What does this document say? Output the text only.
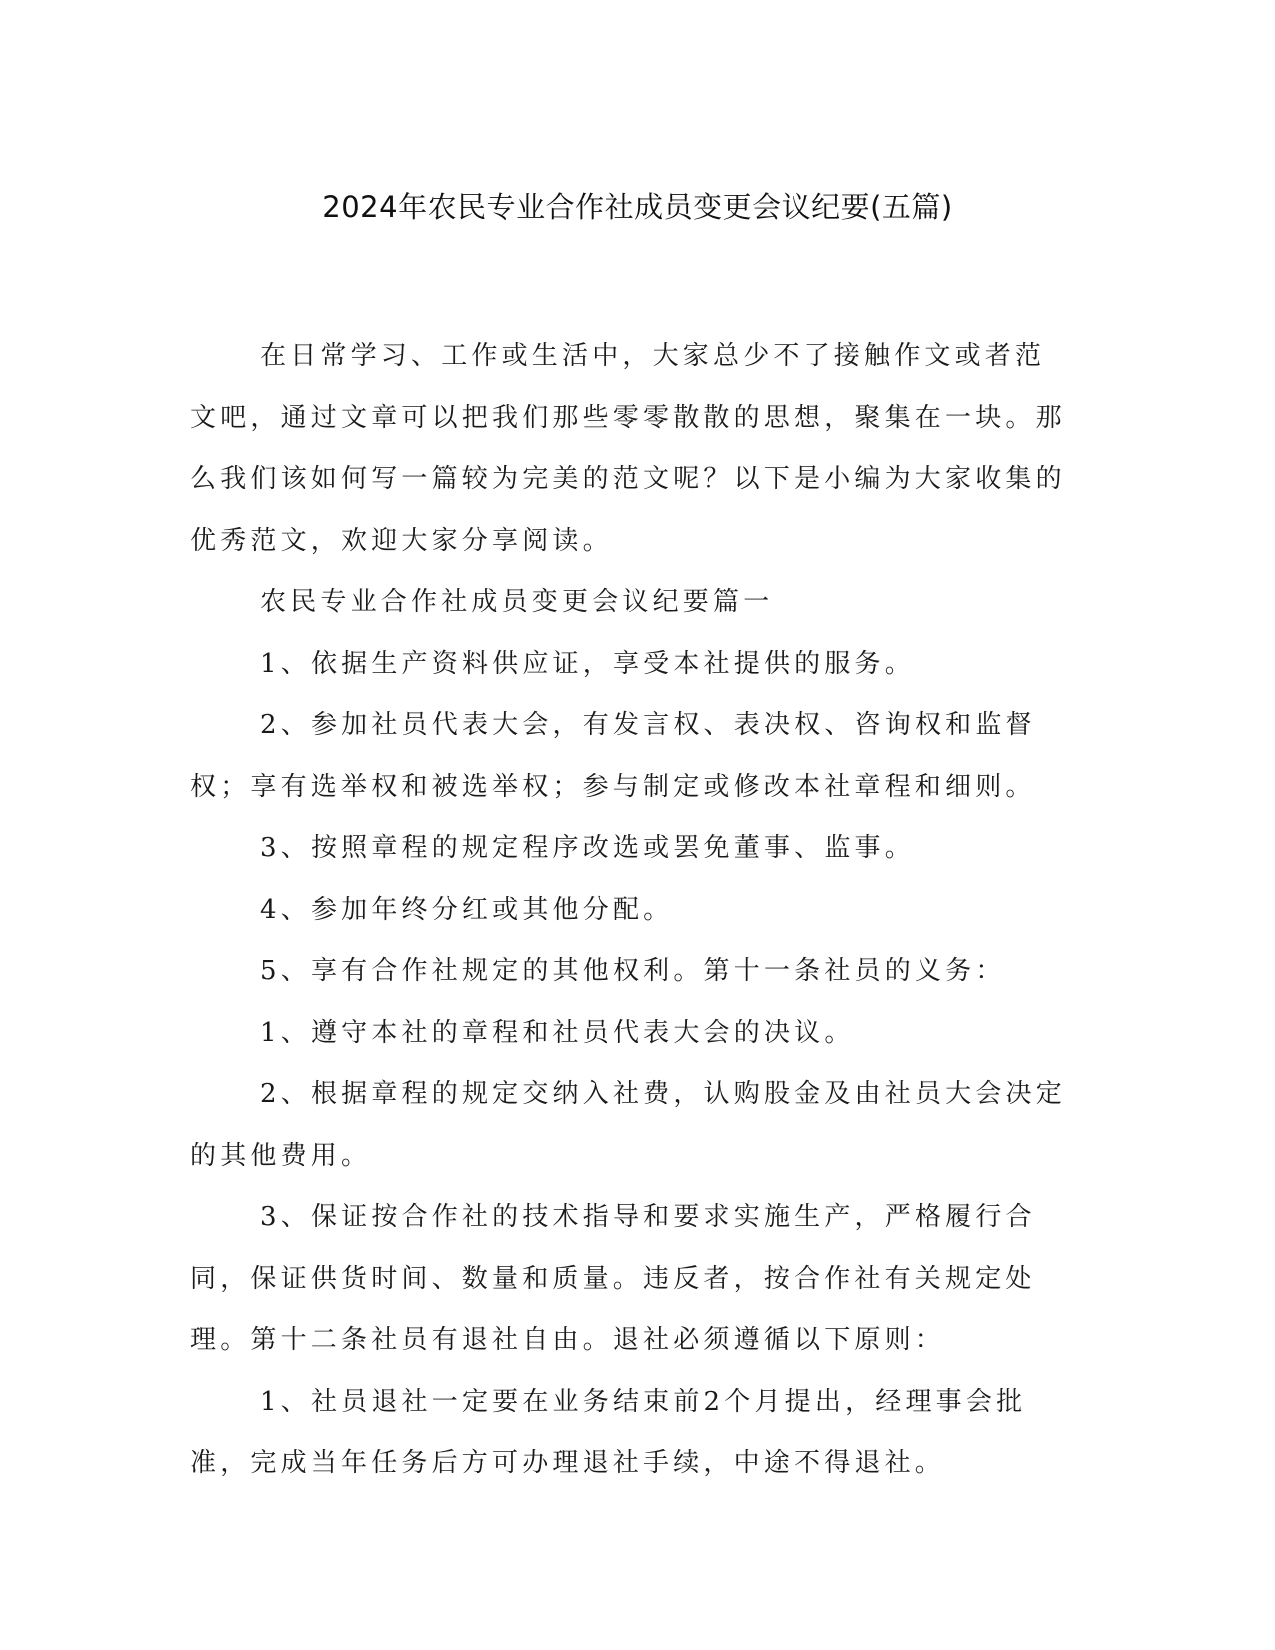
2024年农民专业合作社成员变更会议纪要(五篇)

在日常学习、工作或生活中，大家总少不了接触作文或者范文吧，通过文章可以把我们那些零零散散的思想，聚集在一块。那么我们该如何写一篇较为完美的范文呢？以下是小编为大家收集的优秀范文，欢迎大家分享阅读。

农民专业合作社成员变更会议纪要篇一

1、依据生产资料供应证，享受本社提供的服务。

2、参加社员代表大会，有发言权、表决权、咨询权和监督权；享有选举权和被选举权；参与制定或修改本社章程和细则。

3、按照章程的规定程序改选或罢免董事、监事。

4、参加年终分红或其他分配。

5、享有合作社规定的其他权利。第十一条社员的义务：

1、遵守本社的章程和社员代表大会的决议。

2、根据章程的规定交纳入社费，认购股金及由社员大会决定的其他费用。

3、保证按合作社的技术指导和要求实施生产，严格履行合同，保证供货时间、数量和质量。违反者，按合作社有关规定处理。第十二条社员有退社自由。退社必须遵循以下原则：

1、社员退社一定要在业务结束前2个月提出，经理事会批准，完成当年任务后方可办理退社手续，中途不得退社。
